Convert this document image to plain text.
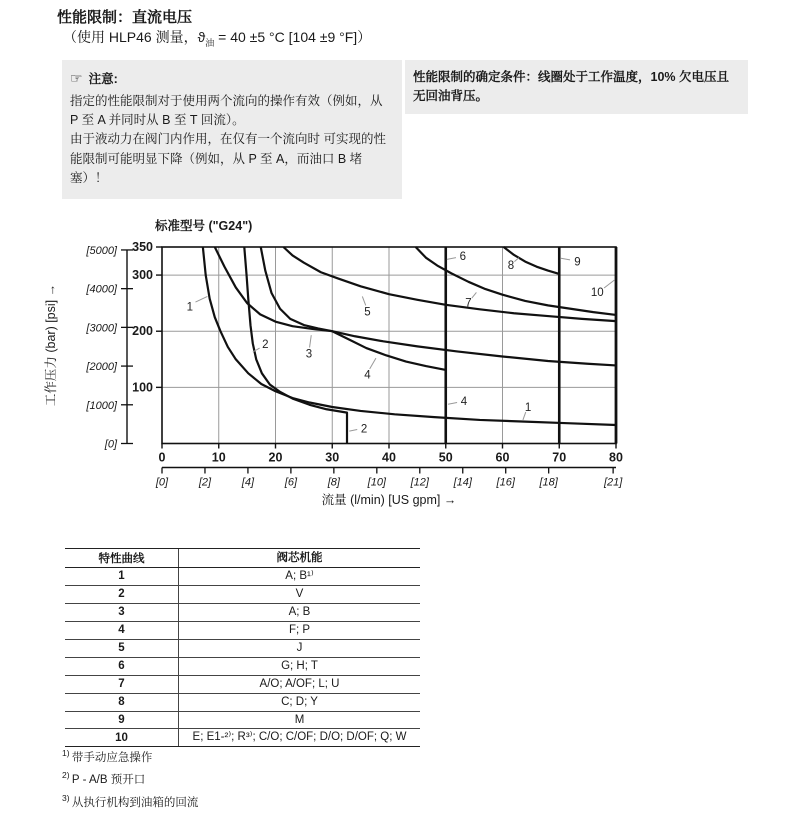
性能限制：直流电压
（使用 HLP46 测量，$ϑ_油 = 40 \pm 5$ °C [104 ±9 °F]）
☞ 注意:
指定的性能限制对于使用两个流向的操作有效（例如，从 P 至 A 并同时从 B 至 T 回流）。
由于液动力在阀门内作用，在仅有一个流向时 可实现的性能限制可能明显下降（例如，从 P 至 A，而油口 B 堵塞）！
性能限制的确定条件：线圈处于工作温度，10% 欠电压且无回油背压。
标准型号 ("G24")
工作压力 (bar) [psi] →
流量 (l/min) [US gpm] →
[0]
[1000]
[2000]
[3000]
[4000]
[5000]
100
200
300
350
0	10	20	30	40	50	60	70	80
[0]	[2]	[4]	[6]	[8]	[10] [12] [14] [16] [18]	[21]
1
2
3
4
5
6
7
8	9
10
1
2
4
特性曲线	阀芯机能
1	A; B¹⁾
2	V
3	A; B
4	F; P
5	J
6	G; H; T
7	A/O; A/OF; L; U
8	C; D; Y
9	M
10	E; E1-²⁾; R³⁾; C/O; C/OF; D/O; D/OF; Q; W
$^{1)}$ 带手动应急操作
$^{2)}$ P - A/B 预开口
$^{3)}$ 从执行机构到油箱的回流
